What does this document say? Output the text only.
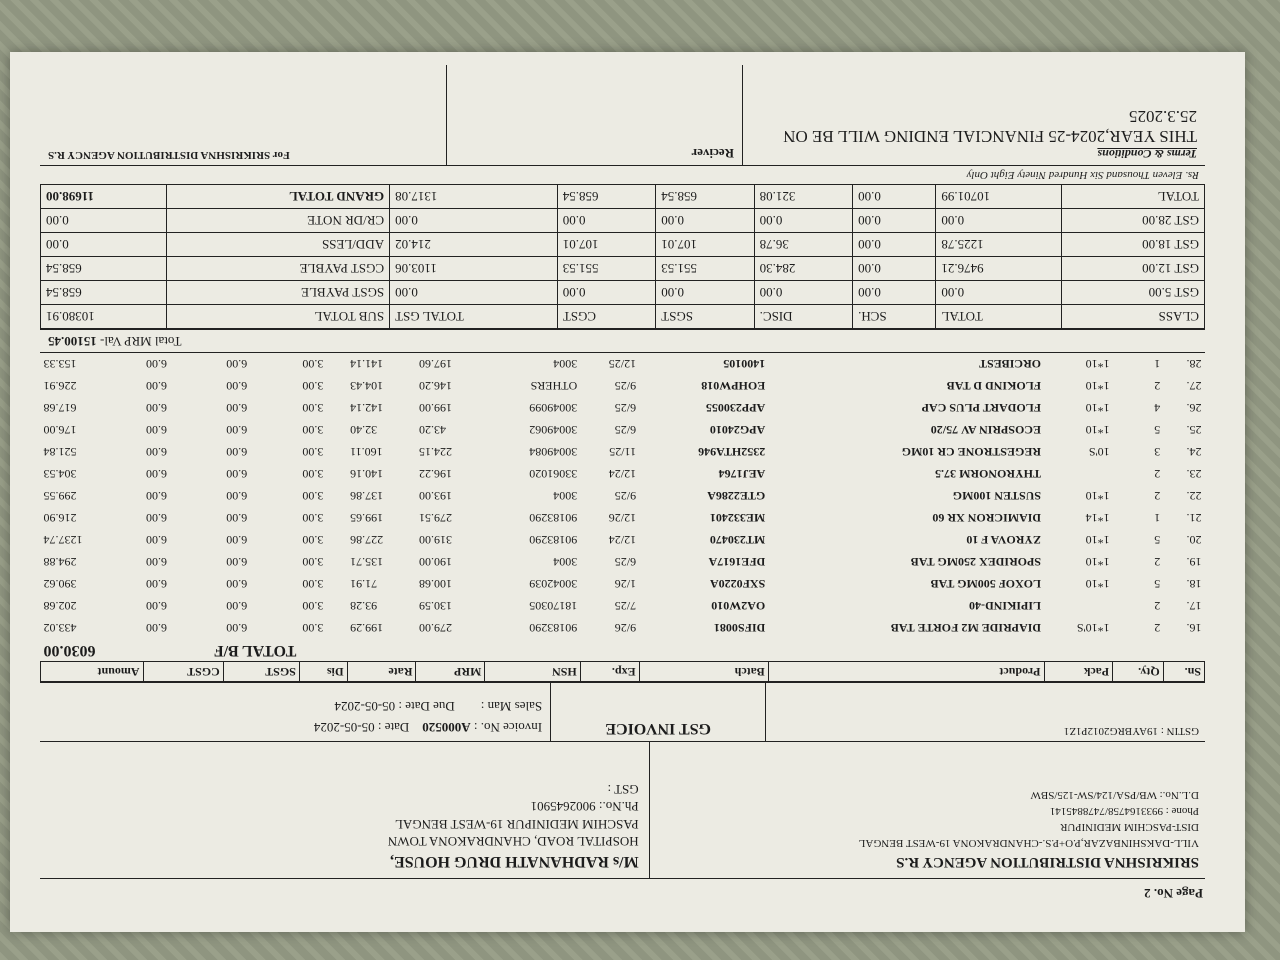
Page No. 2
SRIKRISHNA DISTRIBUTION AGENCY R.S
VILL-DAKSHINBAZAR,P.O+P.S.-CHANDRAKONA 19-WEST BENGAL
DIST-PASCHIM MEDINIPUR
Phone : 9933164758/7478845141
D.L.No.: WB/PSA/124/SW-125/SBW
M/s RADHANATH DRUG HOUSE,
HOSPITAL ROAD, CHANDRAKONA TOWN
PASCHIM MEDINIPUR 19-WEST BENGAL
Ph.No.: 9002645901
GST :
GSTIN : 19AYBRG2012P1Z1
GST INVOICE
Invoice No. : A000520    Date : 05-05-2024
Sales Man :        Due Date : 05-05-2024
Sn.	Qty.	Pack	Product	Batch	Exp.	HSN	MRP	Rate	Dis	SGST	CGST	Amount
										TOTAL B/F		6030.00
16.	2	1*10'S	DIAPRIDE M2 FORTE TAB	DIFS0081	9/26	90183290	279.00	199.29	3.00	6.00	6.00	433.02
17.	2		LIPIKIND-40	OA2W010	7/25	18170305	130.59	93.28	3.00	6.00	6.00	202.68
18.	5	1*10	LOXOF 500MG TAB	SXF0220A	1/26	30042039	100.68	71.91	3.00	6.00	6.00	390.62
19.	2	1*10	SPORIDEX 250MG TAB	DFE1617A	6/25	3004	190.00	135.71	3.00	6.00	6.00	294.88
20.	5	1*10	ZYROVA F 10	MT230470	12/24	90183290	319.00	227.86	3.00	6.00	6.00	1237.74
21.	1	1*14	DIAMICRON XR 60	ME332401	12/26	90183290	279.51	199.65	3.00	6.00	6.00	216.90
22.	2	1*10	SUSTEN 100MG	GTE2286A	9/25	3004	193.00	137.86	3.00	6.00	6.00	299.55
23.	2		THYRONORM 37.5	AEJ1764	12/24	33061020	196.22	140.16	3.00	6.00	6.00	304.53
24.	3	10'S	REGESTRONE CR 10MG	2352HTA946	11/25	30049084	224.15	160.11	3.00	6.00	6.00	521.84
25.	5	1*10	ECOSPRIN AV 75/20	APG24010	6/25	30049062	43.20	32.40	3.00	6.00	6.00	176.00
26.	4	1*10	FLODART PLUS CAP	APP230055	6/25	30049099	199.00	142.14	3.00	6.00	6.00	617.68
27.	2	1*10	FLOKIND D TAB	EOHPW018	9/25	OTHERS	146.20	104.43	3.00	6.00	6.00	226.91
28.	1	1*10	ORCIBEST	1400105	12/25	3004	197.60	141.14	3.00	6.00	6.00	153.33
Total MRP Val- 15100.45
CLASS	TOTAL	SCH.	DISC.	SGST	CGST	TOTAL GST	SUB TOTAL	10380.91
GST 5.00	0.00	0.00	0.00	0.00	0.00	0.00	SGST PAYBLE	658.54
GST 12.00	9476.21	0.00	284.30	551.53	551.53	1103.06	CGST PAYBLE	658.54
GST 18.00	1225.78	0.00	36.78	107.01	107.01	214.02	ADD/LESS	0.00
GST 28.00	0.00	0.00	0.00	0.00	0.00	0.00	CR/DR NOTE	0.00
TOTAL	10701.99	0.00	321.08	658.54	658.54	1317.08	GRAND TOTAL	11698.00
Rs. Eleven Thousand Six Hundred Ninety Eight Only
Terms & Conditions
THIS YEAR,2024-25 FINANCIAL ENDING WILL BE ON 25.3.2025
Reciver
For SRIKRISHNA DISTRIBUTION AGENCY R.S
